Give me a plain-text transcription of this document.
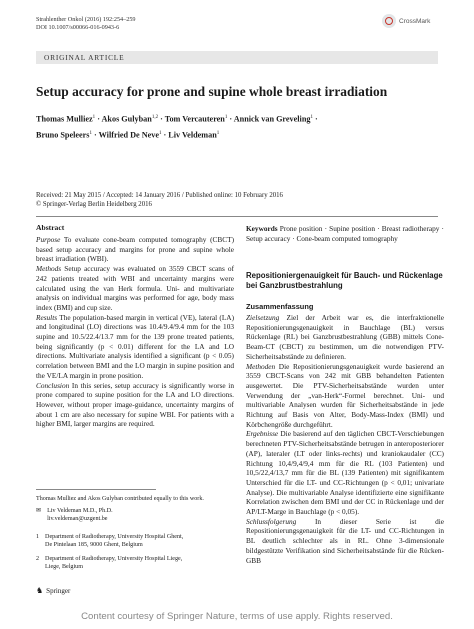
Strahlenther Onkol (2016) 192:254–259
DOI 10.1007/s00066-016-0943-6
CrossMark
ORIGINAL ARTICLE
Setup accuracy for prone and supine whole breast irradiation
Thomas Mulliez$^1$ · Akos Gulyban$^{1,2}$ · Tom Vercauteren$^1$ · Annick van Greveling$^1$ ·
Bruno Speleers$^1$ · Wilfried De Neve$^1$ · Liv Veldeman$^1$
Received: 21 May 2015 / Accepted: 14 January 2016 / Published online: 10 February 2016
© Springer-Verlag Berlin Heidelberg 2016
Abstract
Purpose To evaluate cone-beam computed tomography (CBCT) based setup accuracy and margins for prone and supine whole breast irradiation (WBI).
Methods Setup accuracy was evaluated on 3559 CBCT scans of 242 patients treated with WBI and uncertainty margins were calculated using the van Herk formula. Uni- and multivariate analysis on individual margins was performed for age, body mass index (BMI) and cup size.
Results The population-based margin in vertical (VE), lateral (LA) and longitudinal (LO) directions was 10.4/9.4/9.4 mm for the 103 supine and 10.5/22.4/13.7 mm for the 139 prone treated patients, being significantly (p < 0.01) different for the LA and LO directions. Multivariate analysis identified a significant (p < 0.05) correlation between BMI and the LO margin in supine position and the VE/LA margin in prone position.
Conclusion In this series, setup accuracy is significantly worse in prone compared to supine position for the LA and LO directions. However, without proper image-guidance, uncertainty margins of about 1 cm are also necessary for supine WBI. For patients with a higher BMI, larger margins are required.
Keywords Prone position · Supine position · Breast radiotherapy · Setup accuracy · Cone-beam computed tomography
Repositioniergenauigkeit für Bauch- und Rückenlage bei Ganzbrustbestrahlung
Zusammenfassung
Zielsetzung Ziel der Arbeit war es, die interfraktionelle Repositionierungsgenauigkeit in Bauchlage (BL) versus Rückenlage (RL) bei Ganzbrustbestrahlung (GBB) mittels Cone-Beam-CT (CBCT) zu bestimmen, um die notwendigen PTV-Sicherheitsabstände zu definieren.
Methoden Die Repositionierungsgenauigkeit wurde basierend an 3559 CBCT-Scans von 242 mit GBB behandelten Patienten ausgewertet. Die PTV-Sicherheitsabstände wurden unter Verwendung der „van-Herk“-Formel berechnet. Uni- und multivariable Analysen wurden für Sicherheitsabstände in jede Richtung auf Basis von Alter, Body-Mass-Index (BMI) und Körbchengröße durchgeführt.
Ergebnisse Die basierend auf den täglichen CBCT-Verschiebungen berechneten PTV-Sicherheitsabstände betrugen in anteroposteriorer (AP), lateraler (LT oder links-rechts) und kraniokaudaler (CC) Richtung 10,4/9,4/9,4 mm für die RL (103 Patienten) und 10,5/22,4/13,7 mm für die BL (139 Patienten) mit signifikantem Unterschied für die LT- und CC-Richtungen (p < 0,01; univariate Analyse). Die multivariable Analyse identifizierte eine signifikante Korrelation zwischen dem BMI und der CC in Rückenlage und der AP/LT-Marge in Bauchlage (p < 0,05).
Schlussfolgerung	In dieser Serie ist die Repositionierungsgenauigkeit für die LT- und CC-Richtungen in BL deutlich schlechter als in RL. Ohne 3-dimensionale bildgestützte Verifikation sind Sicherheitsabstände für die Rücken-GBB
Thomas Mulliez and Akos Gulyban contributed equally to this work.
✉ Liv Veldeman M.D., Ph.D.
liv.veldeman@uzgent.be
1 Department of Radiotherapy, University Hospital Ghent,
De Pintelaan 185, 9000 Ghent, Belgium
2 Department of Radiotherapy, University Hospital Liege,
Liege, Belgium
♞ Springer
Content courtesy of Springer Nature, terms of use apply. Rights reserved.
